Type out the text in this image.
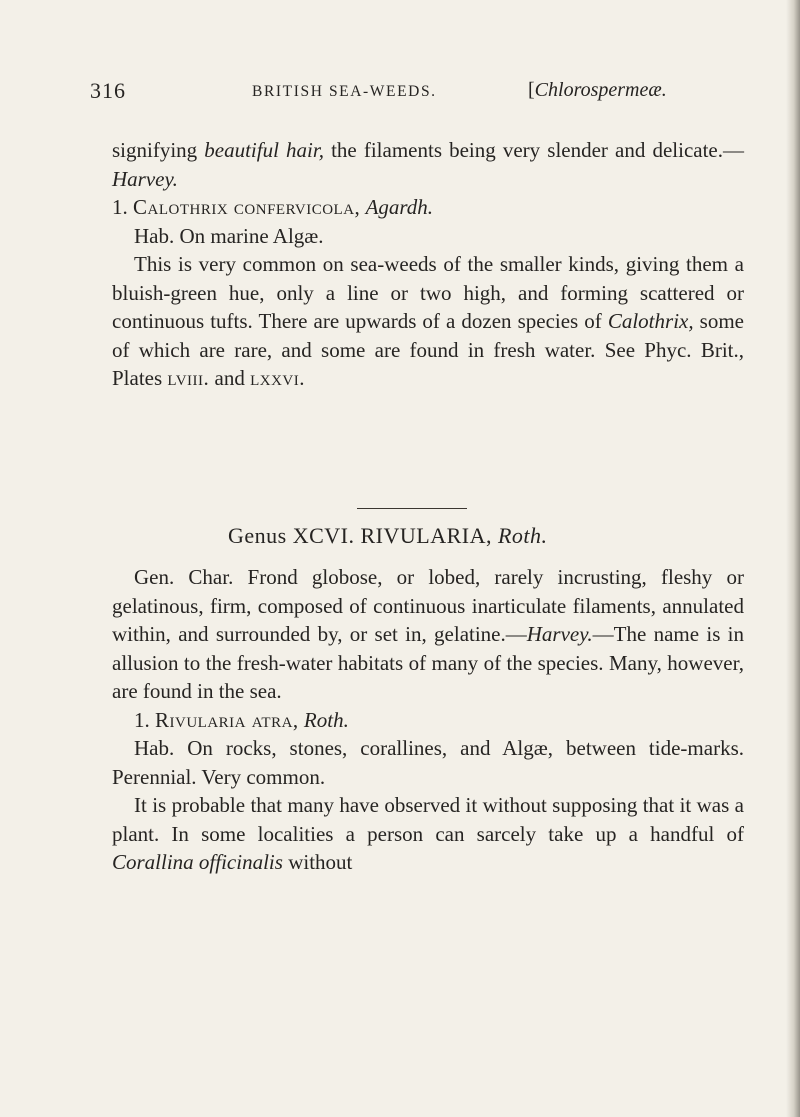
316	BRITISH SEA-WEEDS.	[Chlorospermeæ.

signifying beautiful hair, the filaments being very slender and delicate.—Harvey.

1. Calothrix confervicola, Agardh.

Hab. On marine Algæ.

This is very common on sea-weeds of the smaller kinds, giving them a bluish-green hue, only a line or two high, and forming scattered or continuous tufts. There are upwards of a dozen species of Calothrix, some of which are rare, and some are found in fresh water. See Phyc. Brit., Plates lviii. and lxxvi.

Genus XCVI. RIVULARIA, Roth.

Gen. Char. Frond globose, or lobed, rarely incrusting, fleshy or gelatinous, firm, composed of continuous inarticulate filaments, annulated within, and surrounded by, or set in, gelatine.—Harvey.—The name is in allusion to the fresh-water habitats of many of the species. Many, however, are found in the sea.

1. Rivularia atra, Roth.

Hab. On rocks, stones, corallines, and Algæ, between tide-marks. Perennial. Very common.

It is probable that many have observed it without supposing that it was a plant. In some localities a person can sarcely take up a handful of Corallina officinalis without
